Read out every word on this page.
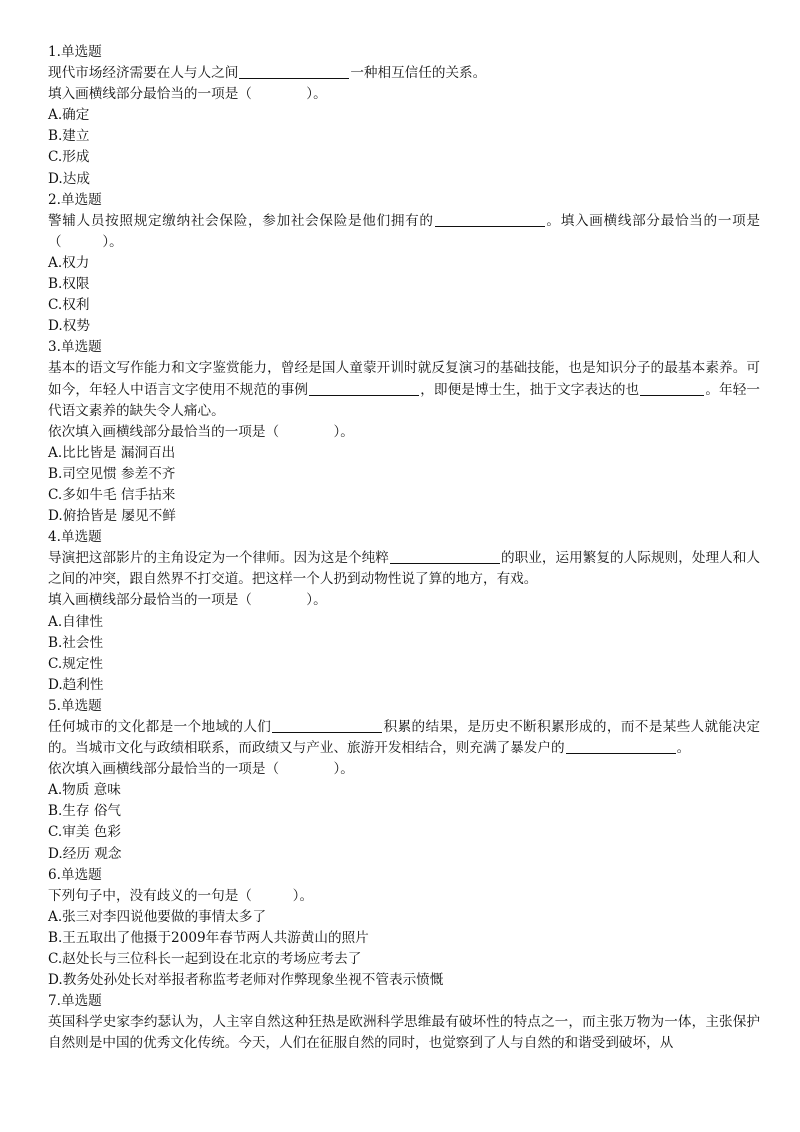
1.单选题
现代市场经济需要在人与人之间	一种相互信任的关系。
填入画横线部分最恰当的一项是（　　　　）。
A.确定
B.建立
C.形成
D.达成
2.单选题
警辅人员按照规定缴纳社会保险，参加社会保险是他们拥有的	。填入画横线部分最恰当的一项是（　　　）。
A.权力
B.权限
C.权利
D.权势
3.单选题
基本的语文写作能力和文字鉴赏能力，曾经是国人童蒙开训时就反复演习的基础技能，也是知识分子的最基本素养。可如今，年轻人中语言文字使用不规范的事例	，即便是博士生，拙于文字表达的也	。年轻一代语文素养的缺失令人痛心。
依次填入画横线部分最恰当的一项是（　　　　）。
A.比比皆是 漏洞百出
B.司空见惯 参差不齐
C.多如牛毛 信手拈来
D.俯拾皆是 屡见不鲜
4.单选题
导演把这部影片的主角设定为一个律师。因为这是个纯粹	的职业，运用繁复的人际规则，处理人和人之间的冲突，跟自然界不打交道。把这样一个人扔到动物性说了算的地方，有戏。
填入画横线部分最恰当的一项是（　　　　）。
A.自律性
B.社会性
C.规定性
D.趋利性
5.单选题
任何城市的文化都是一个地域的人们	积累的结果，是历史不断积累形成的，而不是某些人就能决定的。当城市文化与政绩相联系，而政绩又与产业、旅游开发相结合，则充满了暴发户的	。
依次填入画横线部分最恰当的一项是（　　　　）。
A.物质 意味
B.生存 俗气
C.审美 色彩
D.经历 观念
6.单选题
下列句子中，没有歧义的一句是（　　　）。
A.张三对李四说他要做的事情太多了
B.王五取出了他摄于2009年春节两人共游黄山的照片
C.赵处长与三位科长一起到设在北京的考场应考去了
D.教务处孙处长对举报者称监考老师对作弊现象坐视不管表示愤慨
7.单选题
英国科学史家李约瑟认为，人主宰自然这种狂热是欧洲科学思维最有破坏性的特点之一，而主张万物为一体，主张保护自然则是中国的优秀文化传统。今天，人们在征服自然的同时，也觉察到了人与自然的和谐受到破坏，从
